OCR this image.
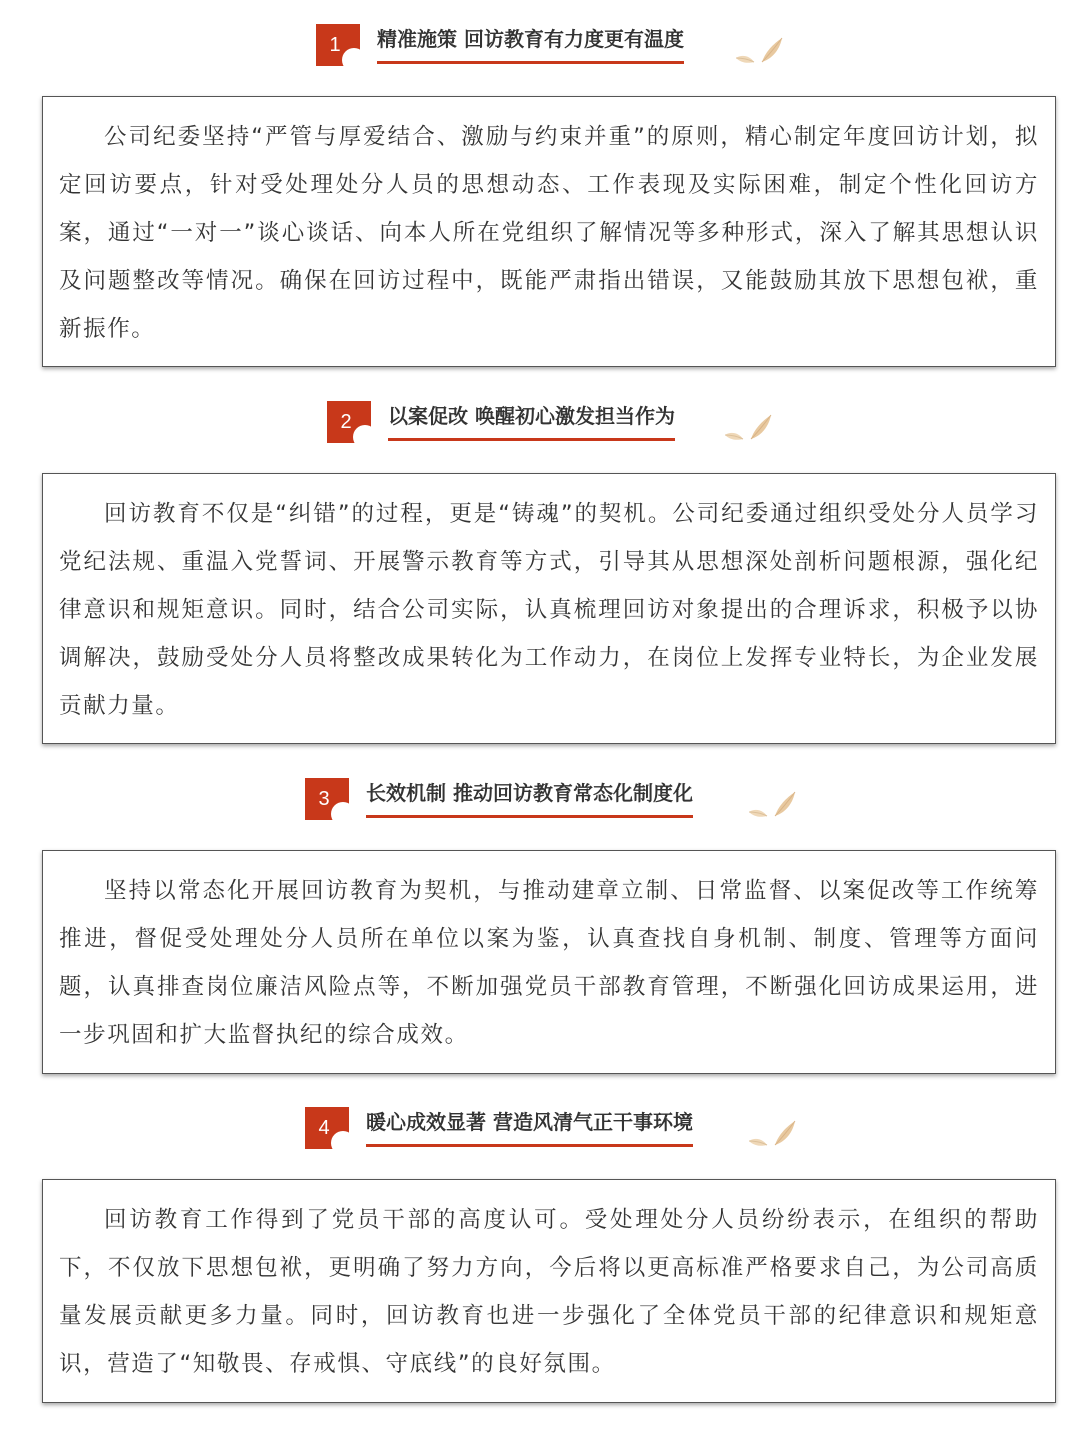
1	精准施策 回访教育有力度更有温度

公司纪委坚持“严管与厚爱结合、激励与约束并重”的原则，精心制定年度回访计划，拟定回访要点，针对受处理处分人员的思想动态、工作表现及实际困难，制定个性化回访方案，通过“一对一”谈心谈话、向本人所在党组织了解情况等多种形式，深入了解其思想认识及问题整改等情况。确保在回访过程中，既能严肃指出错误，又能鼓励其放下思想包袱，重新振作。

2	以案促改 唤醒初心激发担当作为

回访教育不仅是“纠错”的过程，更是“铸魂”的契机。公司纪委通过组织受处分人员学习党纪法规、重温入党誓词、开展警示教育等方式，引导其从思想深处剖析问题根源，强化纪律意识和规矩意识。同时，结合公司实际，认真梳理回访对象提出的合理诉求，积极予以协调解决，鼓励受处分人员将整改成果转化为工作动力，在岗位上发挥专业特长，为企业发展贡献力量。

3	长效机制 推动回访教育常态化制度化

坚持以常态化开展回访教育为契机，与推动建章立制、日常监督、以案促改等工作统筹推进，督促受处理处分人员所在单位以案为鉴，认真查找自身机制、制度、管理等方面问题，认真排查岗位廉洁风险点等，不断加强党员干部教育管理，不断强化回访成果运用，进一步巩固和扩大监督执纪的综合成效。

4	暖心成效显著 营造风清气正干事环境

回访教育工作得到了党员干部的高度认可。受处理处分人员纷纷表示，在组织的帮助下，不仅放下思想包袱，更明确了努力方向，今后将以更高标准严格要求自己，为公司高质量发展贡献更多力量。同时，回访教育也进一步强化了全体党员干部的纪律意识和规矩意识，营造了“知敬畏、存戒惧、守底线”的良好氛围。
